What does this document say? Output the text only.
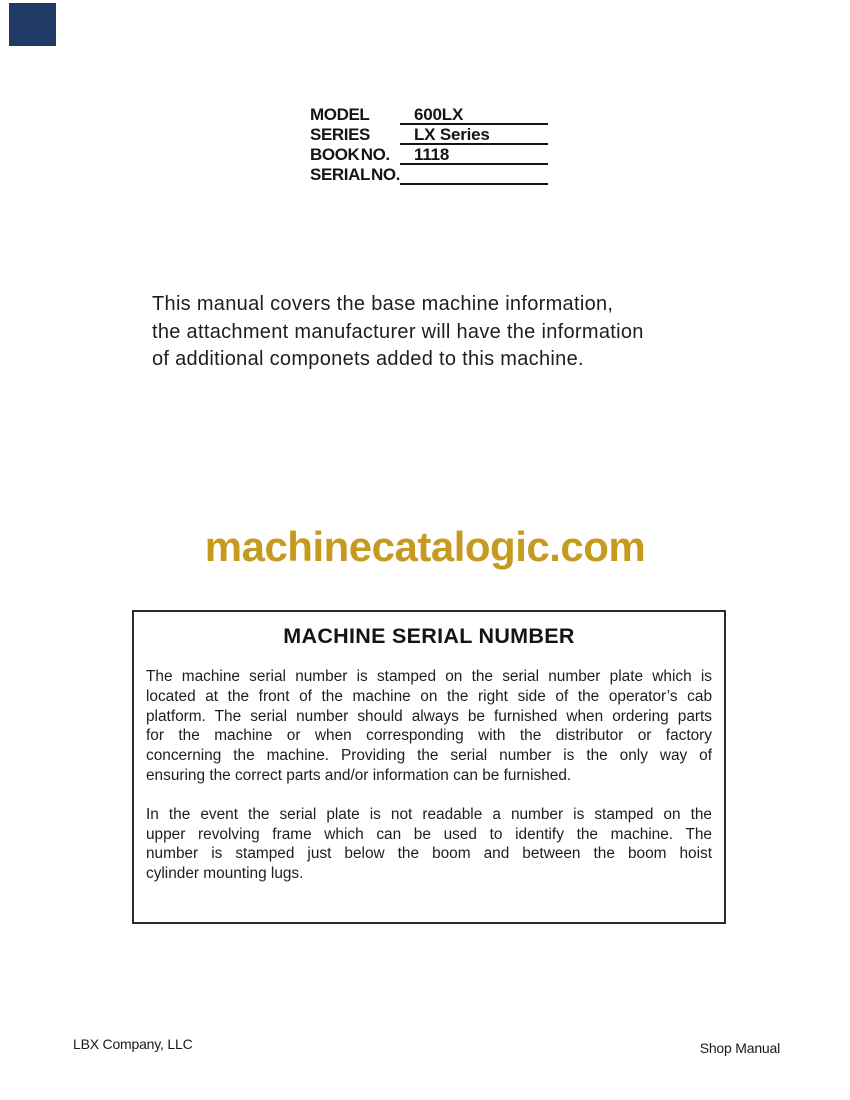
MODEL	600LX
SERIES	LX Series
BOOK NO.	1118
SERIAL NO.
This manual covers the base machine information,
the attachment manufacturer will have the information
of additional componets added to this machine.
machinecatalogic.com
MACHINE SERIAL NUMBER
The machine serial number is stamped on the serial number plate which is
located at the front of the machine on the right side of the operator’s cab
platform. The serial number should always be furnished when ordering parts
for the machine or when corresponding with the distributor or factory
concerning the machine. Providing the serial number is the only way of
ensuring the correct parts and/or information can be furnished.
In the event the serial plate is not readable a number is stamped on the
upper revolving frame which can be used to identify the machine. The
number is stamped just below the boom and between the boom hoist
cylinder mounting lugs.
LBX Company, LLC	Shop Manual
